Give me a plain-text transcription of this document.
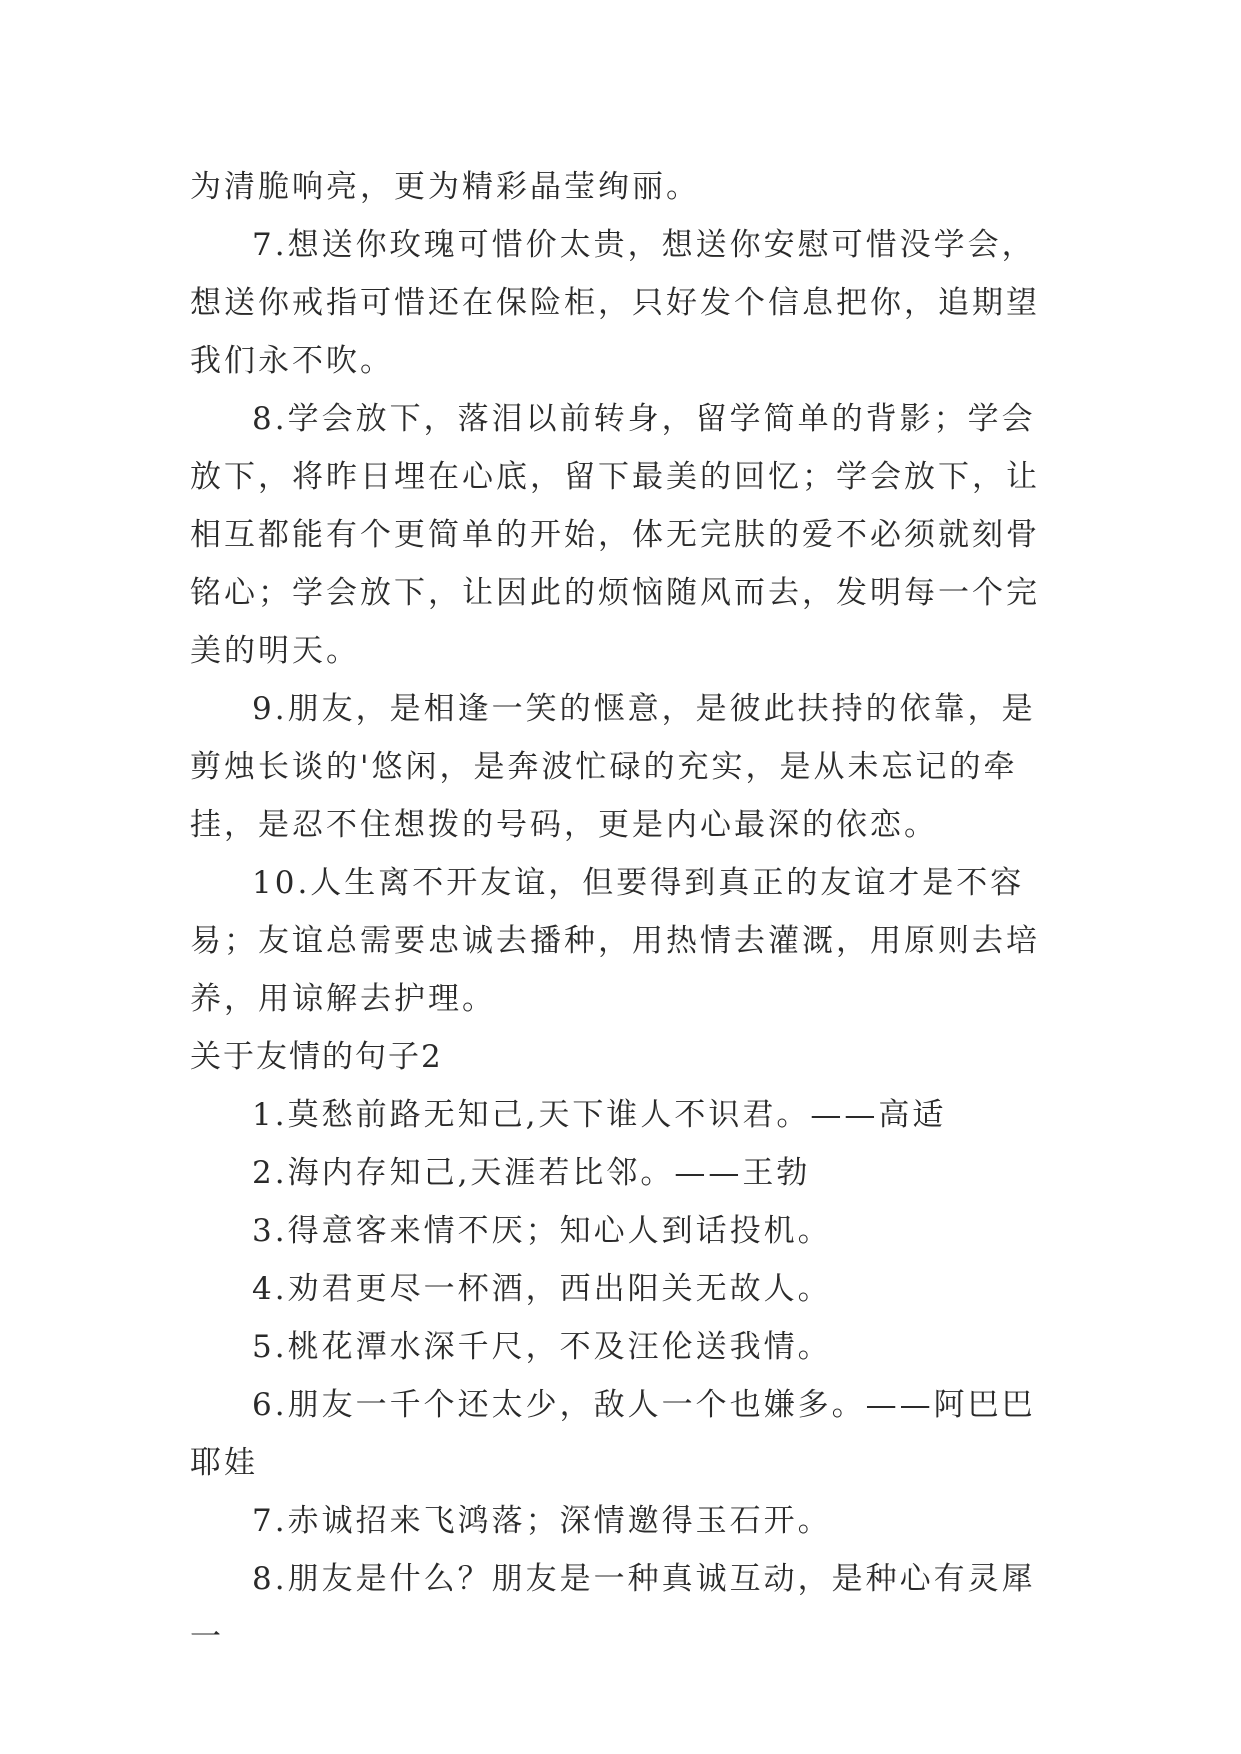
为清脆响亮，更为精彩晶莹绚丽。

7.想送你玫瑰可惜价太贵，想送你安慰可惜没学会，想送你戒指可惜还在保险柜，只好发个信息把你，追期望我们永不吹。

8.学会放下，落泪以前转身，留学简单的背影；学会放下，将昨日埋在心底，留下最美的回忆；学会放下，让相互都能有个更简单的开始，体无完肤的爱不必须就刻骨铭心；学会放下，让因此的烦恼随风而去，发明每一个完美的明天。

9.朋友，是相逢一笑的惬意，是彼此扶持的依靠，是剪烛长谈的'悠闲，是奔波忙碌的充实，是从未忘记的牵挂，是忍不住想拨的号码，更是内心最深的依恋。

10.人生离不开友谊，但要得到真正的友谊才是不容易；友谊总需要忠诚去播种，用热情去灌溉，用原则去培养，用谅解去护理。

关于友情的句子2

1.莫愁前路无知己,天下谁人不识君。——高适

2.海内存知己,天涯若比邻。——王勃

3.得意客来情不厌；知心人到话投机。

4.劝君更尽一杯酒，西出阳关无故人。

5.桃花潭水深千尺，不及汪伦送我情。

6.朋友一千个还太少，敌人一个也嫌多。——阿巴巴耶娃

7.赤诚招来飞鸿落；深情邀得玉石开。

8.朋友是什么？朋友是一种真诚互动，是种心有灵犀一
